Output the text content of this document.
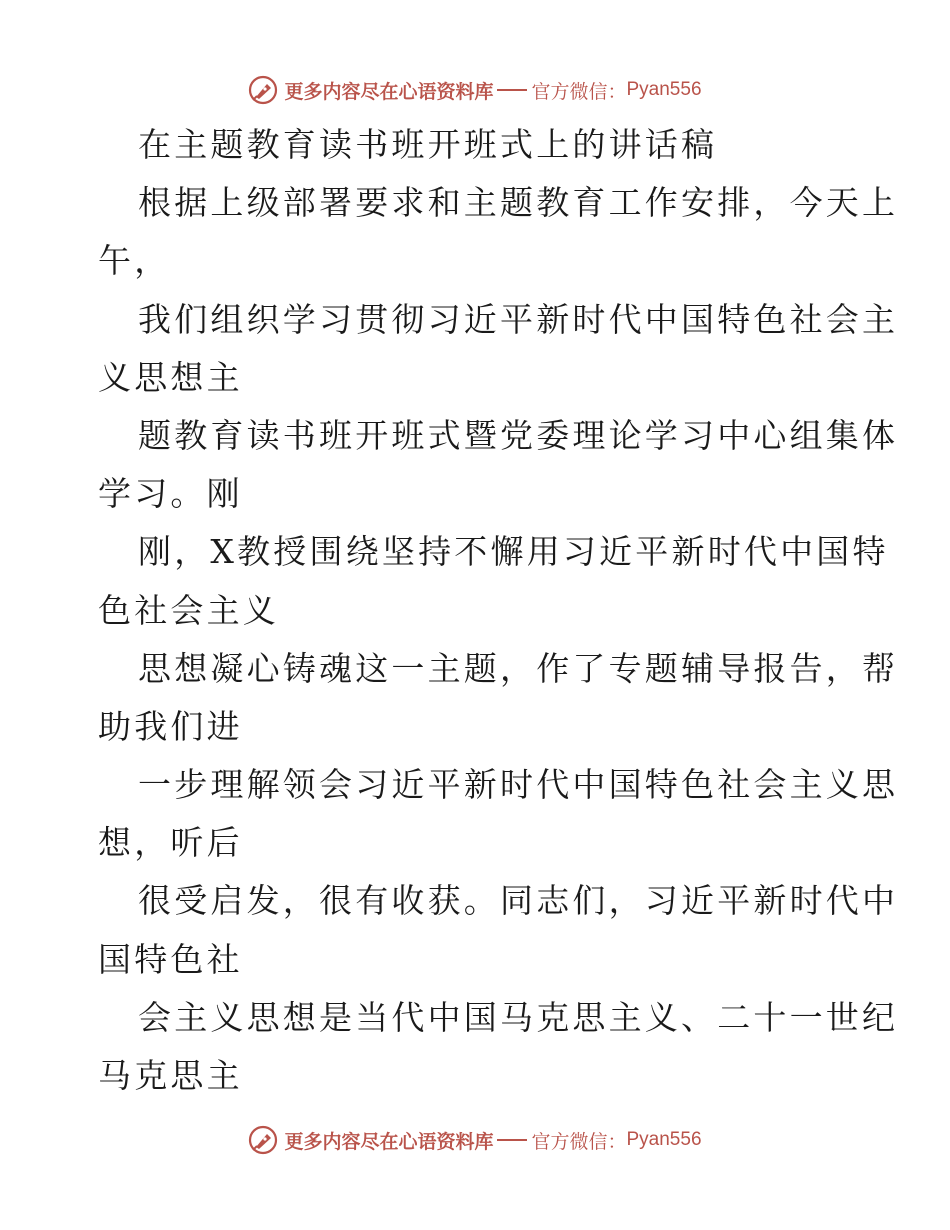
更多内容尽在心语资料库 官方微信： Pyan556
在主题教育读书班开班式上的讲话稿
根据上级部署要求和主题教育工作安排，今天上
午，
我们组织学习贯彻习近平新时代中国特色社会主
义思想主
题教育读书班开班式暨党委理论学习中心组集体
学习。刚
刚，X教授围绕坚持不懈用习近平新时代中国特
色社会主义
思想凝心铸魂这一主题，作了专题辅导报告，帮
助我们进
一步理解领会习近平新时代中国特色社会主义思
想，听后
很受启发，很有收获。同志们，习近平新时代中
国特色社
会主义思想是当代中国马克思主义、二十一世纪
马克思主
更多内容尽在心语资料库 官方微信： Pyan556
